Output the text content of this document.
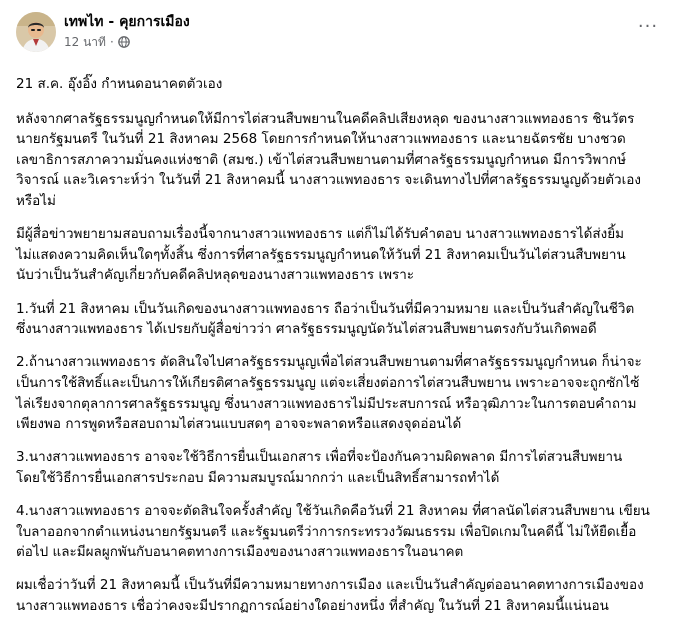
เทพไท - คุยการเมือง
12 นาที ·
···

21 ส.ค. อุ๊งอิ๊ง กำหนดอนาคตตัวเอง

หลังจากศาลรัฐธรรมนูญกำหนดให้มีการไต่สวนสืบพยานในคดีคลิปเสียงหลุด ของนางสาวแพทองธาร ชินวัตร
นายกรัฐมนตรี ในวันที่ 21 สิงหาคม 2568 โดยการกำหนดให้นางสาวแพทองธาร และนายฉัตรชัย บางชวด
เลขาธิการสภาความมั่นคงแห่งชาติ (สมช.) เข้าไต่สวนสืบพยานตามที่ศาลรัฐธรรมนูญกำหนด มีการวิพากษ์
วิจารณ์ และวิเคราะห์ว่า ในวันที่ 21 สิงหาคมนี้ นางสาวแพทองธาร จะเดินทางไปที่ศาลรัฐธรรมนูญด้วยตัวเอง
หรือไม่

มีผู้สื่อข่าวพยายามสอบถามเรื่องนี้จากนางสาวแพทองธาร แต่ก็ไม่ได้รับคำตอบ นางสาวแพทองธารได้ส่งยิ้ม
ไม่แสดงความคิดเห็นใดๆทั้งสิ้น ซึ่งการที่ศาลรัฐธรรมนูญกำหนดให้วันที่ 21 สิงหาคมเป็นวันไต่สวนสืบพยาน
นับว่าเป็นวันสำคัญเกี่ยวกับคดีคลิปหลุดของนางสาวแพทองธาร เพราะ

1.วันที่ 21 สิงหาคม เป็นวันเกิดของนางสาวแพทองธาร ถือว่าเป็นวันที่มีความหมาย และเป็นวันสำคัญในชีวิต
ซึ่งนางสาวแพทองธาร ได้เปรยกับผู้สื่อข่าวว่า ศาลรัฐธรรมนูญนัดวันไต่สวนสืบพยานตรงกับวันเกิดพอดี

2.ถ้านางสาวแพทองธาร ตัดสินใจไปศาลรัฐธรรมนูญเพื่อไต่สวนสืบพยานตามที่ศาลรัฐธรรมนูญกำหนด ก็น่าจะ
เป็นการใช้สิทธิ์และเป็นการให้เกียรติศาลรัฐธรรมนูญ แต่จะเสี่ยงต่อการไต่สวนสืบพยาน เพราะอาจจะถูกซักไซ้
ไล่เรียงจากตุลาการศาลรัฐธรรมนูญ ซึ่งนางสาวแพทองธารไม่มีประสบการณ์ หรือวุฒิภาวะในการตอบคำถาม
เพียงพอ การพูดหรือสอบถามไต่สวนแบบสดๆ อาจจะพลาดหรือแสดงจุดอ่อนได้

3.นางสาวแพทองธาร อาจจะใช้วิธีการยื่นเป็นเอกสาร เพื่อที่จะป้องกันความผิดพลาด มีการไต่สวนสืบพยาน
โดยใช้วิธีการยื่นเอกสารประกอบ มีความสมบูรณ์มากกว่า และเป็นสิทธิ์สามารถทำได้

4.นางสาวแพทองธาร อาจจะตัดสินใจครั้งสำคัญ ใช้วันเกิดคือวันที่ 21 สิงหาคม ที่ศาลนัดไต่สวนสืบพยาน เขียน
ใบลาออกจากตำแหน่งนายกรัฐมนตรี และรัฐมนตรีว่าการกระทรวงวัฒนธรรม เพื่อปิดเกมในคดีนี้ ไม่ให้ยืดเยื้อ
ต่อไป และมีผลผูกพันกับอนาคตทางการเมืองของนางสาวแพทองธารในอนาคต

ผมเชื่อว่าวันที่ 21 สิงหาคมนี้ เป็นวันที่มีความหมายทางการเมือง และเป็นวันสำคัญต่ออนาคตทางการเมืองของ
นางสาวแพทองธาร เชื่อว่าคงจะมีปรากฏการณ์อย่างใดอย่างหนึ่ง ที่สำคัญ ในวันที่ 21 สิงหาคมนี้แน่นอน
